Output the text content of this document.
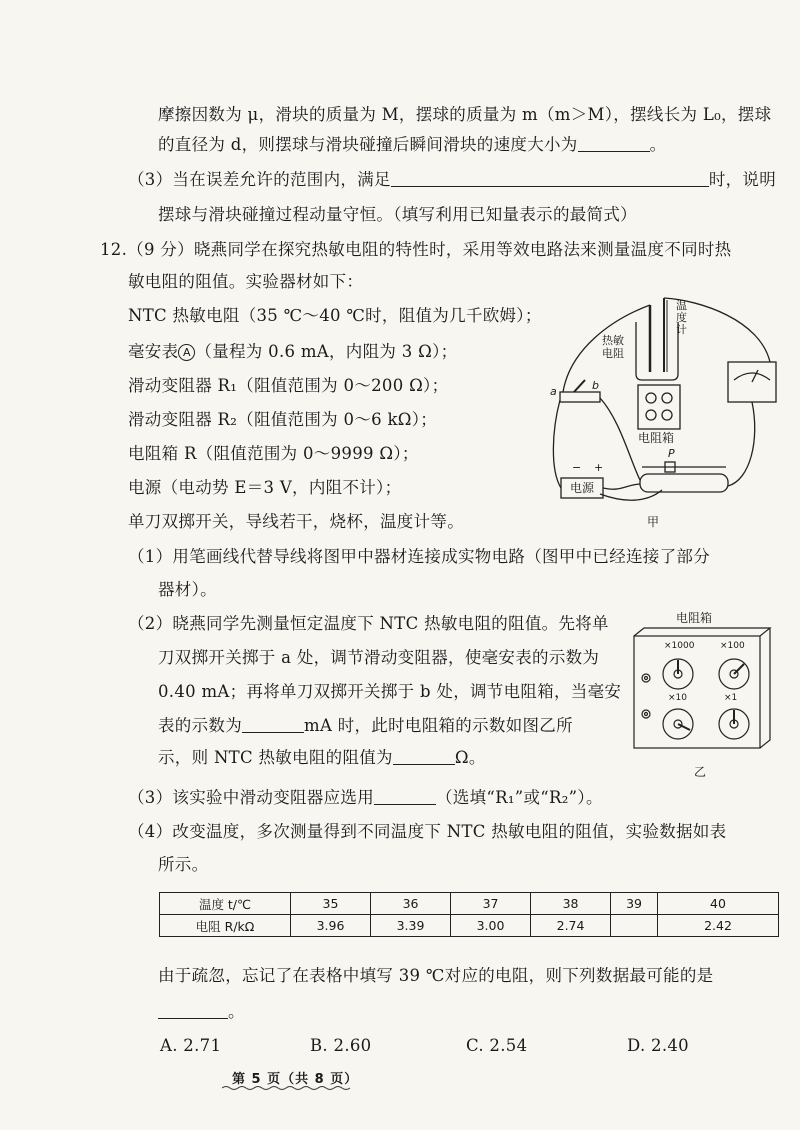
摩擦因数为 μ，滑块的质量为 M，摆球的质量为 m（m＞M），摆线长为 L₀，摆球
的直径为 d，则摆球与滑块碰撞后瞬间滑块的速度大小为	。
（3）当在误差允许的范围内，满足	时，说明
摆球与滑块碰撞过程动量守恒。（填写利用已知量表示的最简式）
12.（9 分）晓燕同学在探究热敏电阻的特性时，采用等效电路法来测量温度不同时热
敏电阻的阻值。实验器材如下：
NTC 热敏电阻（35 ℃～40 ℃时，阻值为几千欧姆）；
毫安表 A （量程为 0.6 mA，内阻为 3 Ω）；
滑动变阻器 R₁（阻值范围为 0～200 Ω）；
滑动变阻器 R₂（阻值范围为 0～6 kΩ）；
电阻箱 R（阻值范围为 0～9999 Ω）；
电源（电动势 E＝3 V，内阻不计）；
单刀双掷开关，导线若干，烧杯，温度计等。
热敏
电阻
温
度
计
电阻箱
电源
a	b
P
− +
甲
（1）用笔画线代替导线将图甲中器材连接成实物电路（图甲中已经连接了部分
器材）。
（2）晓燕同学先测量恒定温度下 NTC 热敏电阻的阻值。先将单
刀双掷开关掷于 a 处，调节滑动变阻器，使毫安表的示数为
0.40 mA；再将单刀双掷开关掷于 b 处，调节电阻箱，当毫安
表的示数为	mA 时，此时电阻箱的示数如图乙所
示，则 NTC 热敏电阻的阻值为	Ω。
电阻箱
×1000	×100
×10	×1
乙
（3）该实验中滑动变阻器应选用	（选填“R₁”或“R₂”）。
（4）改变温度，多次测量得到不同温度下 NTC 热敏电阻的阻值，实验数据如表
所示。
温度 t/℃	35	36	37	38	39	40
电阻 R/kΩ	3.96	3.39	3.00	2.74		2.42
由于疏忽，忘记了在表格中填写 39 ℃对应的电阻，则下列数据最可能的是
。
A. 2.71	B. 2.60	C. 2.54	D. 2.40
第 5 页（共 8 页）
